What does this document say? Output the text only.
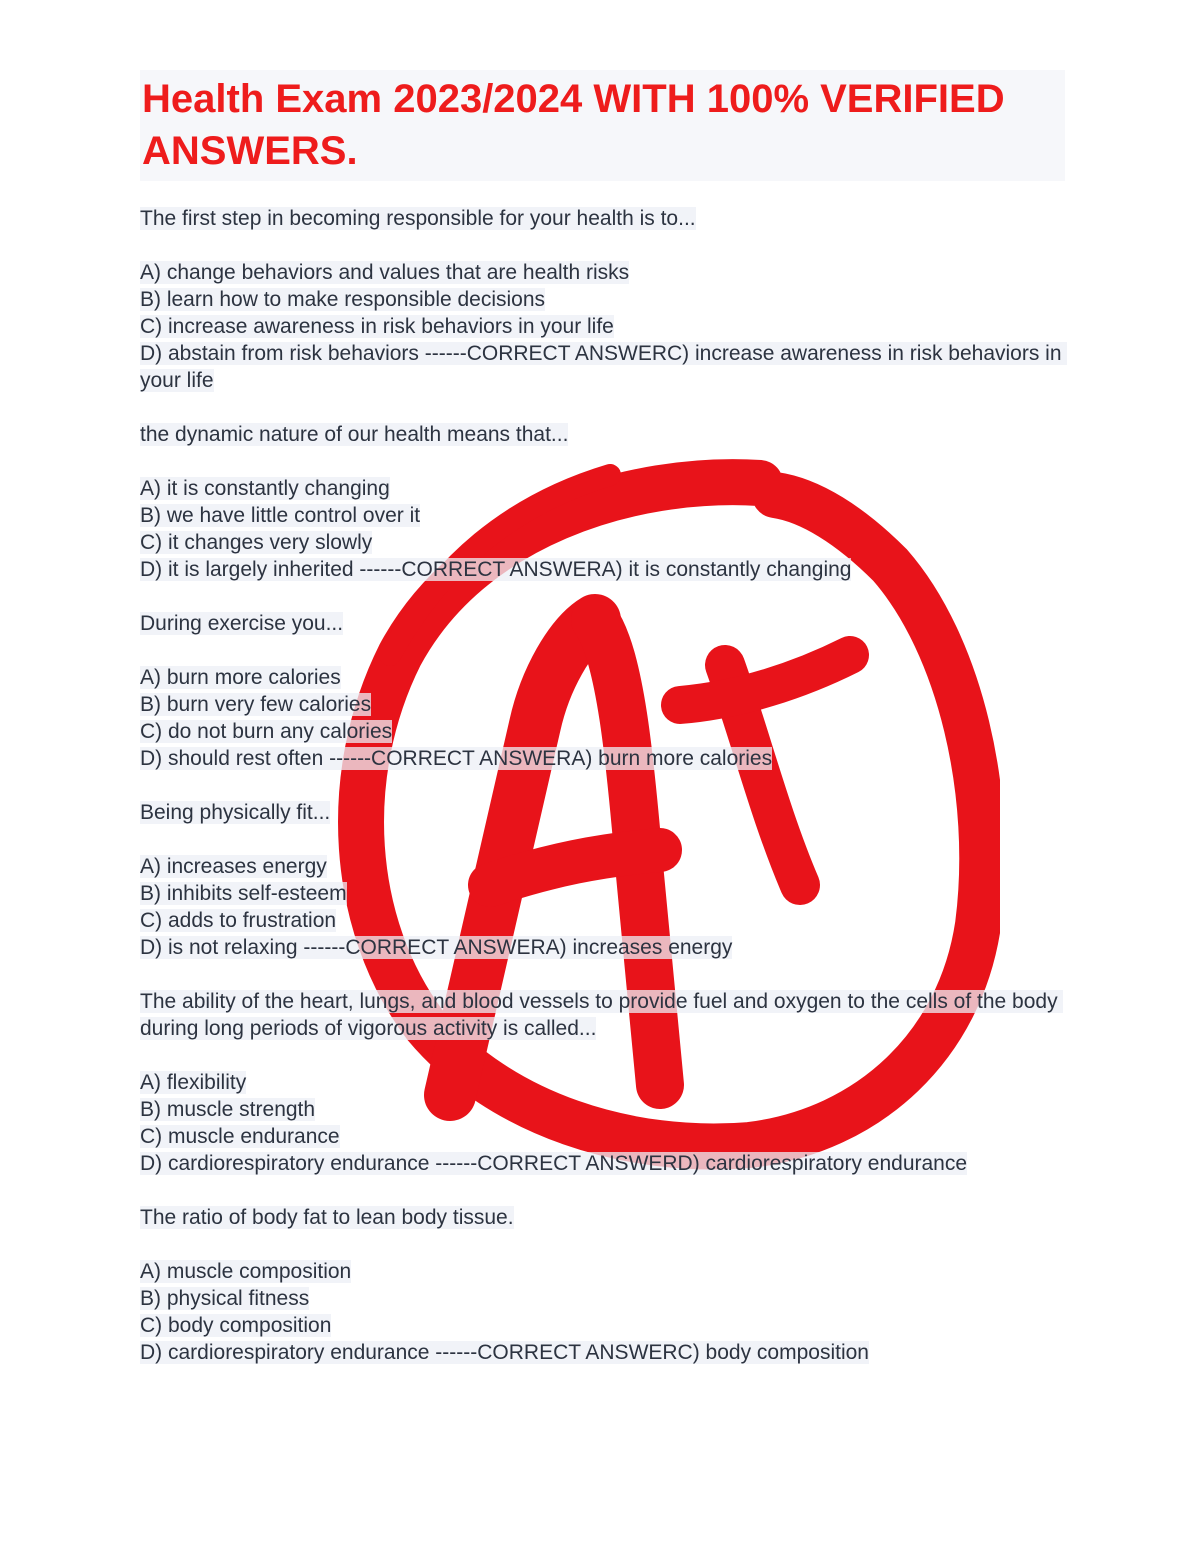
Health Exam 2023/2024 WITH 100% VERIFIED ANSWERS.
The first step in becoming responsible for your health is to...
A) change behaviors and values that are health risks
B) learn how to make responsible decisions
C) increase awareness in risk behaviors in your life
D) abstain from risk behaviors ------CORRECT ANSWERC) increase awareness in risk behaviors in your life
the dynamic nature of our health means that...
A) it is constantly changing
B) we have little control over it
C) it changes very slowly
D) it is largely inherited ------CORRECT ANSWERA) it is constantly changing
During exercise you...
A) burn more calories
B) burn very few calories
C) do not burn any calories
D) should rest often ------CORRECT ANSWERA) burn more calories
Being physically fit...
A) increases energy
B) inhibits self-esteem
C) adds to frustration
D) is not relaxing ------CORRECT ANSWERA) increases energy
The ability of the heart, lungs, and blood vessels to provide fuel and oxygen to the cells of the body during long periods of vigorous activity is called...
A) flexibility
B) muscle strength
C) muscle endurance
D) cardiorespiratory endurance ------CORRECT ANSWERD) cardiorespiratory endurance
The ratio of body fat to lean body tissue.
A) muscle composition
B) physical fitness
C) body composition
D) cardiorespiratory endurance ------CORRECT ANSWERC) body composition
